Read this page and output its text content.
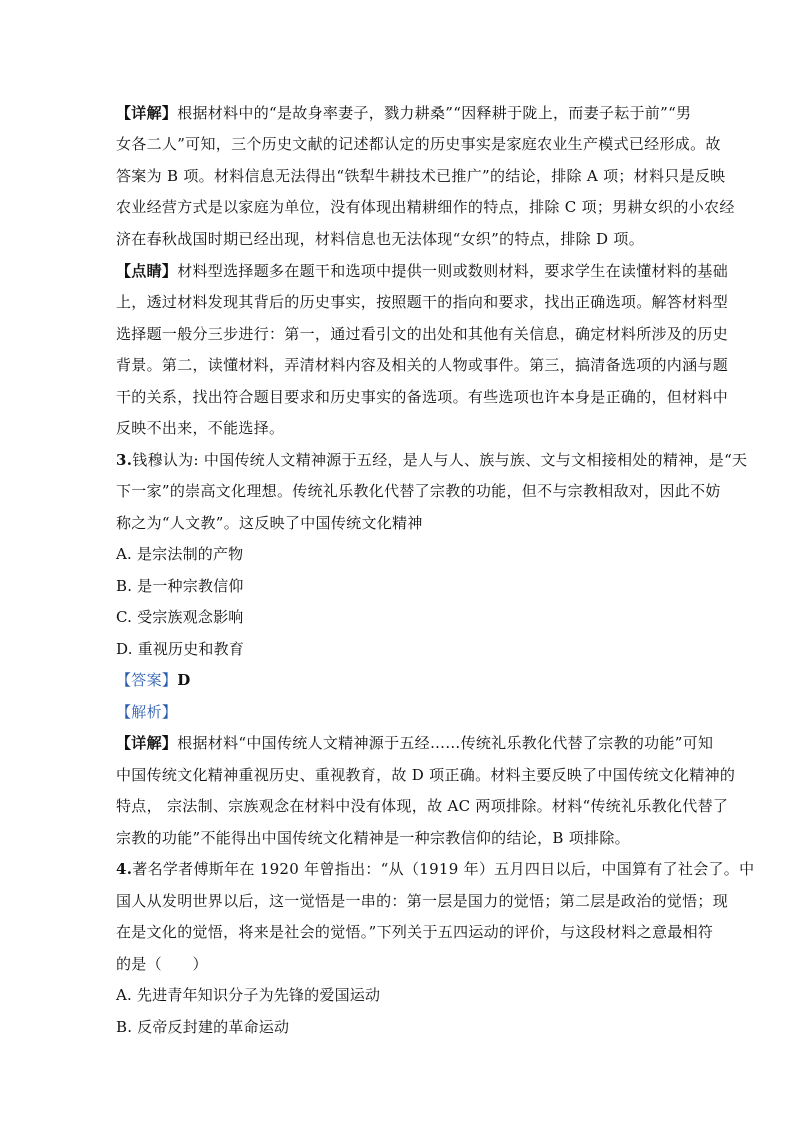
【详解】根据材料中的“是故身率妻子，戮力耕桑”“因释耕于陇上，而妻子耘于前”“男
女各二人”可知，三个历史文献的记述都认定的历史事实是家庭农业生产模式已经形成。故
答案为 B 项。材料信息无法得出“铁犁牛耕技术已推广”的结论，排除 A 项；材料只是反映
农业经营方式是以家庭为单位，没有体现出精耕细作的特点，排除 C 项；男耕女织的小农经
济在春秋战国时期已经出现，材料信息也无法体现“女织”的特点，排除 D 项。
【点睛】材料型选择题多在题干和选项中提供一则或数则材料，要求学生在读懂材料的基础
上，透过材料发现其背后的历史事实，按照题干的指向和要求，找出正确选项。解答材料型
选择题一般分三步进行：第一，通过看引文的出处和其他有关信息，确定材料所涉及的历史
背景。第二，读懂材料，弄清材料内容及相关的人物或事件。第三，搞清备选项的内涵与题
干的关系，找出符合题目要求和历史事实的备选项。有些选项也许本身是正确的，但材料中
反映不出来，不能选择。
3.钱穆认为: 中国传统人文精神源于五经，是人与人、族与族、文与文相接相处的精神，是“天
下一家”的崇高文化理想。传统礼乐教化代替了宗教的功能，但不与宗教相敌对，因此不妨
称之为“人文教”。这反映了中国传统文化精神
A. 是宗法制的产物
B. 是一种宗教信仰
C. 受宗族观念影响
D. 重视历史和教育
【答案】D
【解析】
【详解】根据材料“中国传统人文精神源于五经……传统礼乐教化代替了宗教的功能”可知
中国传统文化精神重视历史、重视教育，故 D 项正确。材料主要反映了中国传统文化精神的
特点， 宗法制、宗族观念在材料中没有体现，故 AC 两项排除。材料“传统礼乐教化代替了
宗教的功能”不能得出中国传统文化精神是一种宗教信仰的结论，B 项排除。
4.著名学者傅斯年在 1920 年曾指出：“从（1919 年）五月四日以后，中国算有了社会了。中
国人从发明世界以后，这一觉悟是一串的：第一层是国力的觉悟；第二层是政治的觉悟；现
在是文化的觉悟，将来是社会的觉悟。”下列关于五四运动的评价，与这段材料之意最相符
的是（　　）
A. 先进青年知识分子为先锋的爱国运动
B. 反帝反封建的革命运动
